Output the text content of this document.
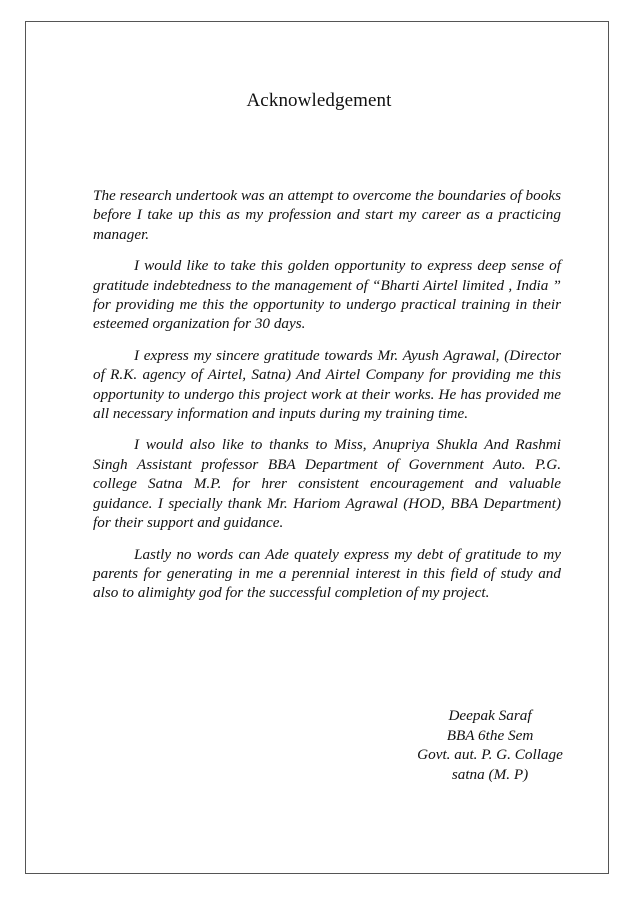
Acknowledgement

The research undertook was an attempt to overcome the boundaries of books before I take up this as my profession and start my career as a practicing manager.

I would like to take this golden opportunity to express deep sense of gratitude indebtedness to the management of “Bharti Airtel limited , India ” for providing me this the opportunity to undergo practical training in their esteemed organization for 30 days.

I express my sincere gratitude towards Mr. Ayush Agrawal, (Director of R.K. agency of Airtel, Satna) And Airtel Company for providing me this opportunity to undergo this project work at their works. He has provided me all necessary information and inputs during my training time.

I would also like to thanks to Miss, Anupriya Shukla And Rashmi Singh Assistant professor BBA Department of Government Auto. P.G. college Satna M.P. for hrer consistent encouragement and valuable guidance. I specially thank Mr. Hariom Agrawal (HOD, BBA Department) for their support and guidance.

Lastly no words can Ade quately express my debt of gratitude to my parents for generating in me a perennial interest in this field of study and also to alimighty god for the successful completion of my project.

Deepak Saraf
BBA 6the Sem
Govt. aut. P. G. Collage
satna (M. P)
